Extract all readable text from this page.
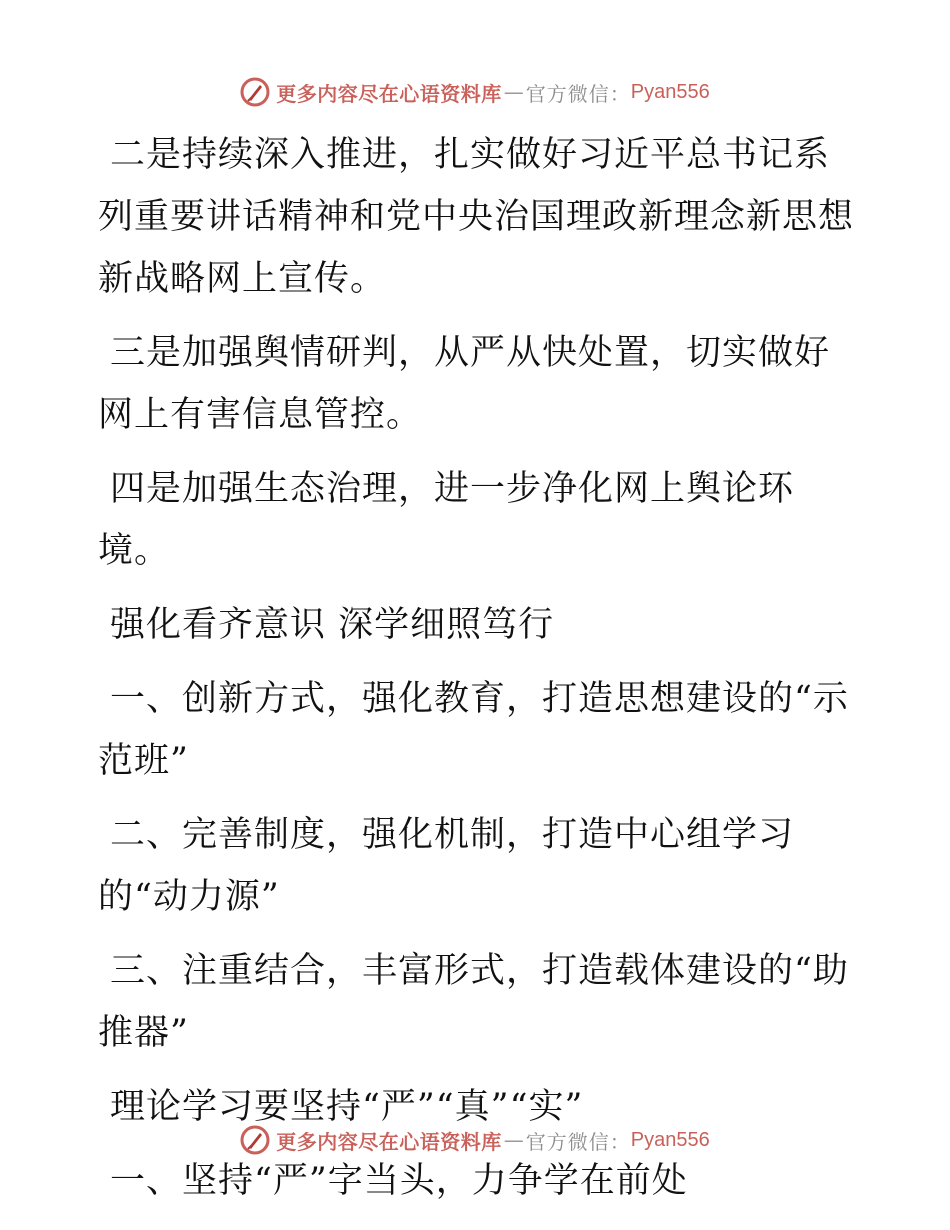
更多内容尽在心语资料库 — 官方微信： Pyan556

二是持续深入推进，扎实做好习近平总书记系列重要讲话精神和党中央治国理政新理念新思想新战略网上宣传。

三是加强舆情研判，从严从快处置，切实做好网上有害信息管控。

四是加强生态治理，进一步净化网上舆论环境。

强化看齐意识 深学细照笃行

一、创新方式，强化教育，打造思想建设的“示范班”

二、完善制度，强化机制，打造中心组学习的“动力源”

三、注重结合，丰富形式，打造载体建设的“助推器”

理论学习要坚持“严”“真”“实”

一、坚持“严”字当头，力争学在前处

更多内容尽在心语资料库 — 官方微信： Pyan556
